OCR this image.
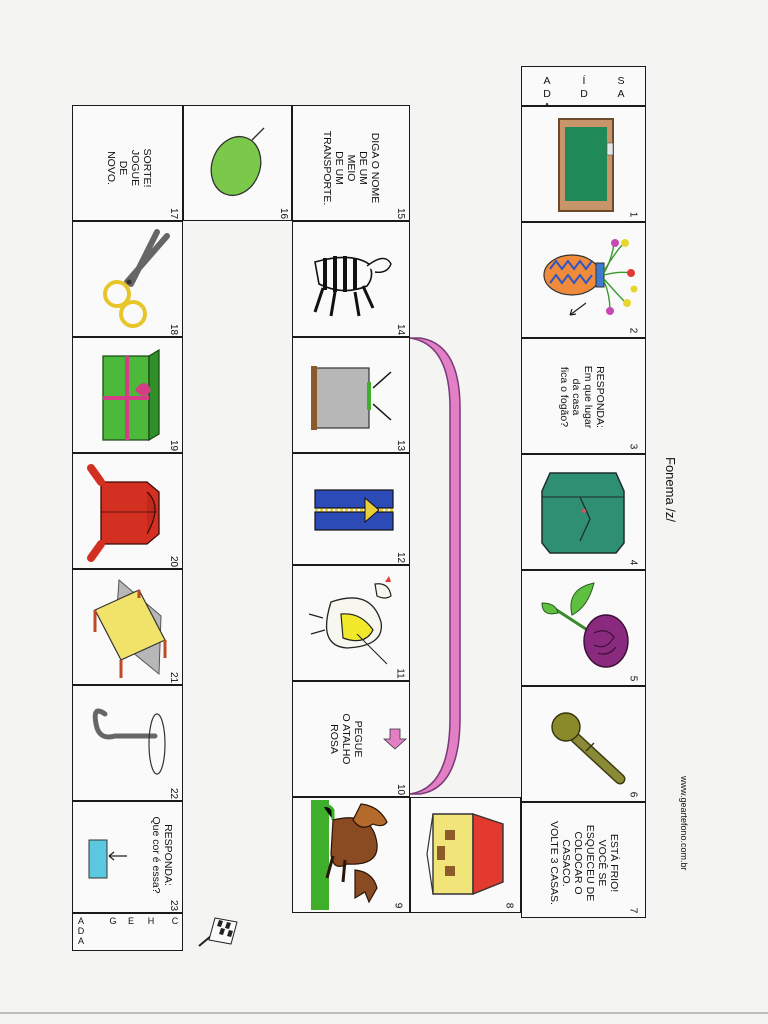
Fonema /z/
www.geartefono.com.br
S
A
A
D

Í
D
1
2
RESPONDA:
Em que lugar
da casa
fica o fogão?
3
4
5
6
ESTÁ FRIO!
VOCÊ SE
ESQUECEU DE
COLOCAR O
CASACO.
VOLTE 3 CASAS.
7
8
9
PEGUE
O ATALHO
ROSA
10
11
12
13
14
DIGA O NOME
DE UM
MEIO
DE UM
TRANSPORTE.
15
16
SORTE!
JOGUE
DE
NOVO.
17
18
19
20
21
22
RESPONDA:
Que cor é essa?
23
C
H
E
G
A
D
A
